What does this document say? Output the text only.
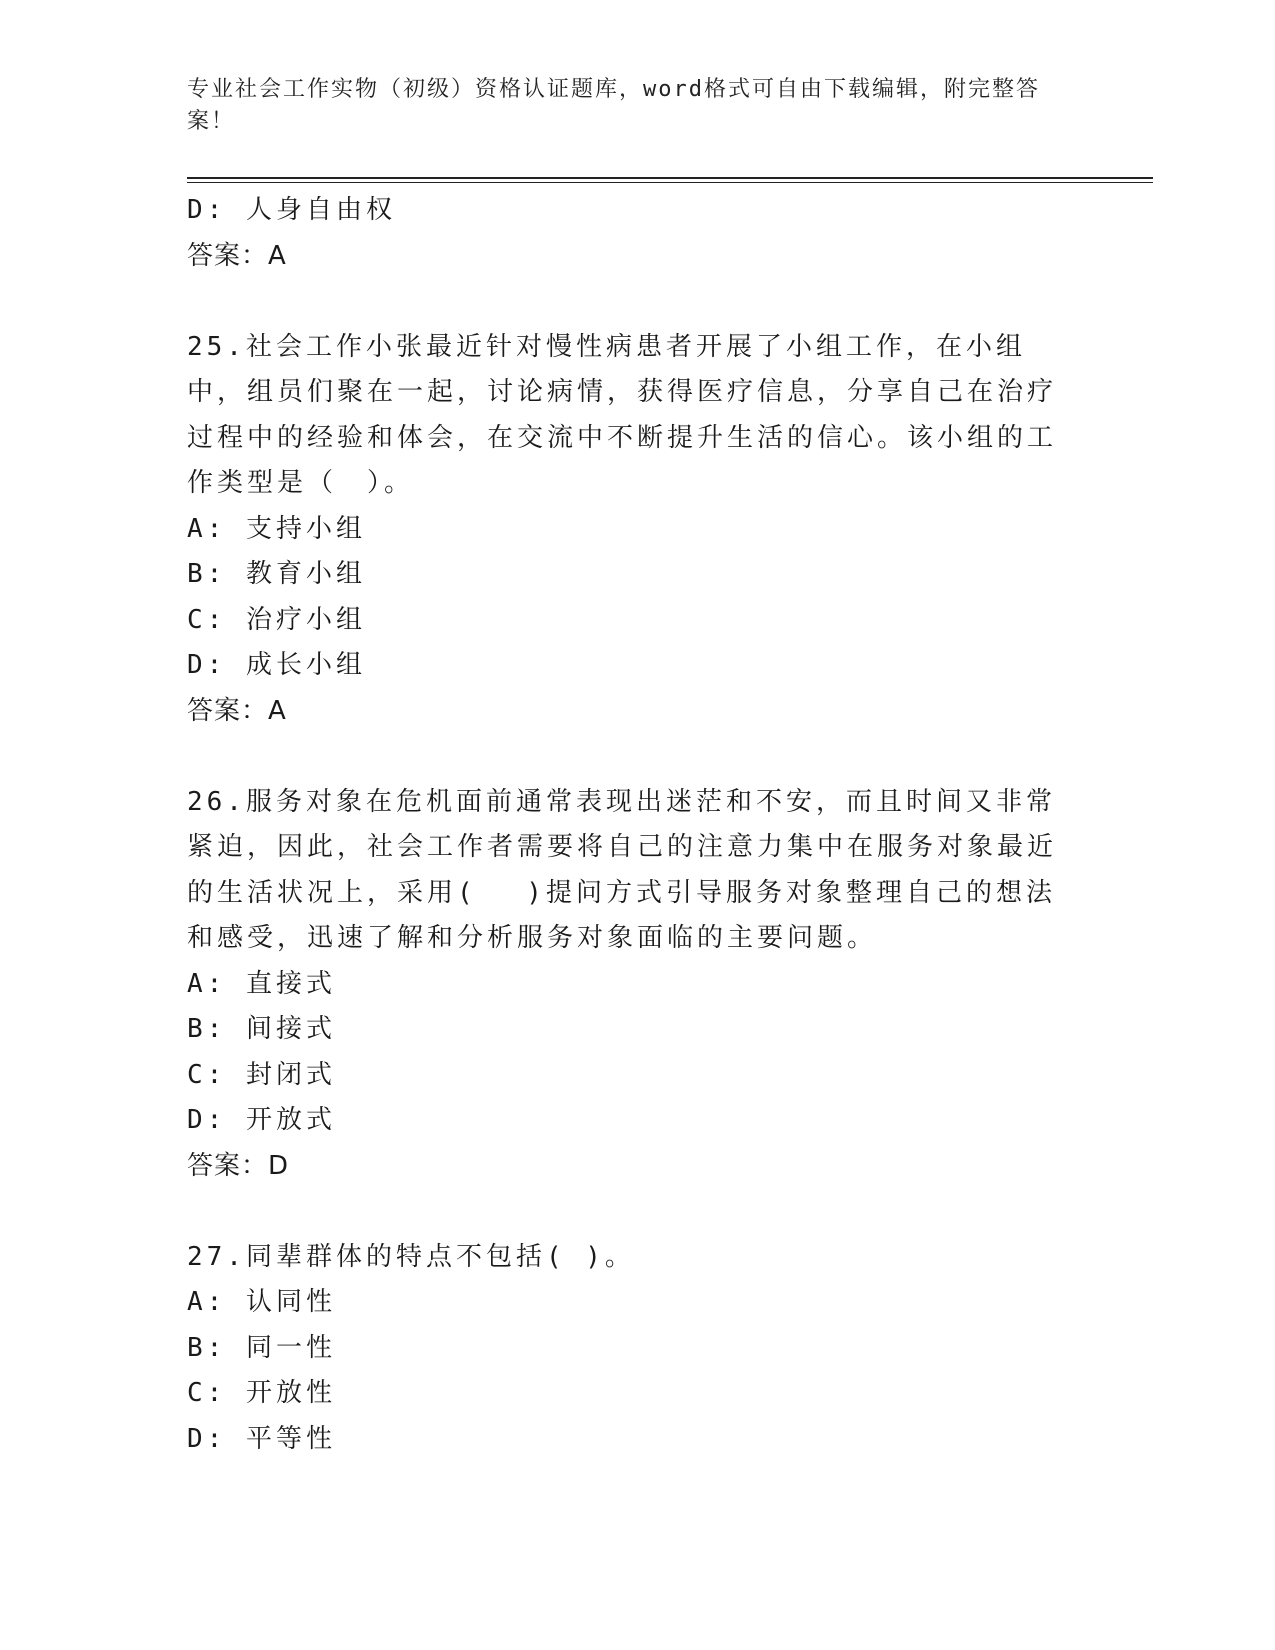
专业社会工作实物（初级）资格认证题库，word格式可自由下载编辑，附完整答案！

D: 人身自由权

答案：A

25.社会工作小张最近针对慢性病患者开展了小组工作，在小组中，组员们聚在一起，讨论病情，获得医疗信息，分享自己在治疗过程中的经验和体会，在交流中不断提升生活的信心。该小组的工作类型是（　）。

A: 支持小组

B: 教育小组

C: 治疗小组

D: 成长小组

答案：A

26.服务对象在危机面前通常表现出迷茫和不安，而且时间又非常紧迫，因此，社会工作者需要将自己的注意力集中在服务对象最近的生活状况上，采用(　 )提问方式引导服务对象整理自己的想法和感受，迅速了解和分析服务对象面临的主要问题。

A: 直接式

B: 间接式

C: 封闭式

D: 开放式

答案：D

27.同辈群体的特点不包括( )。

A: 认同性

B: 同一性

C: 开放性

D: 平等性
